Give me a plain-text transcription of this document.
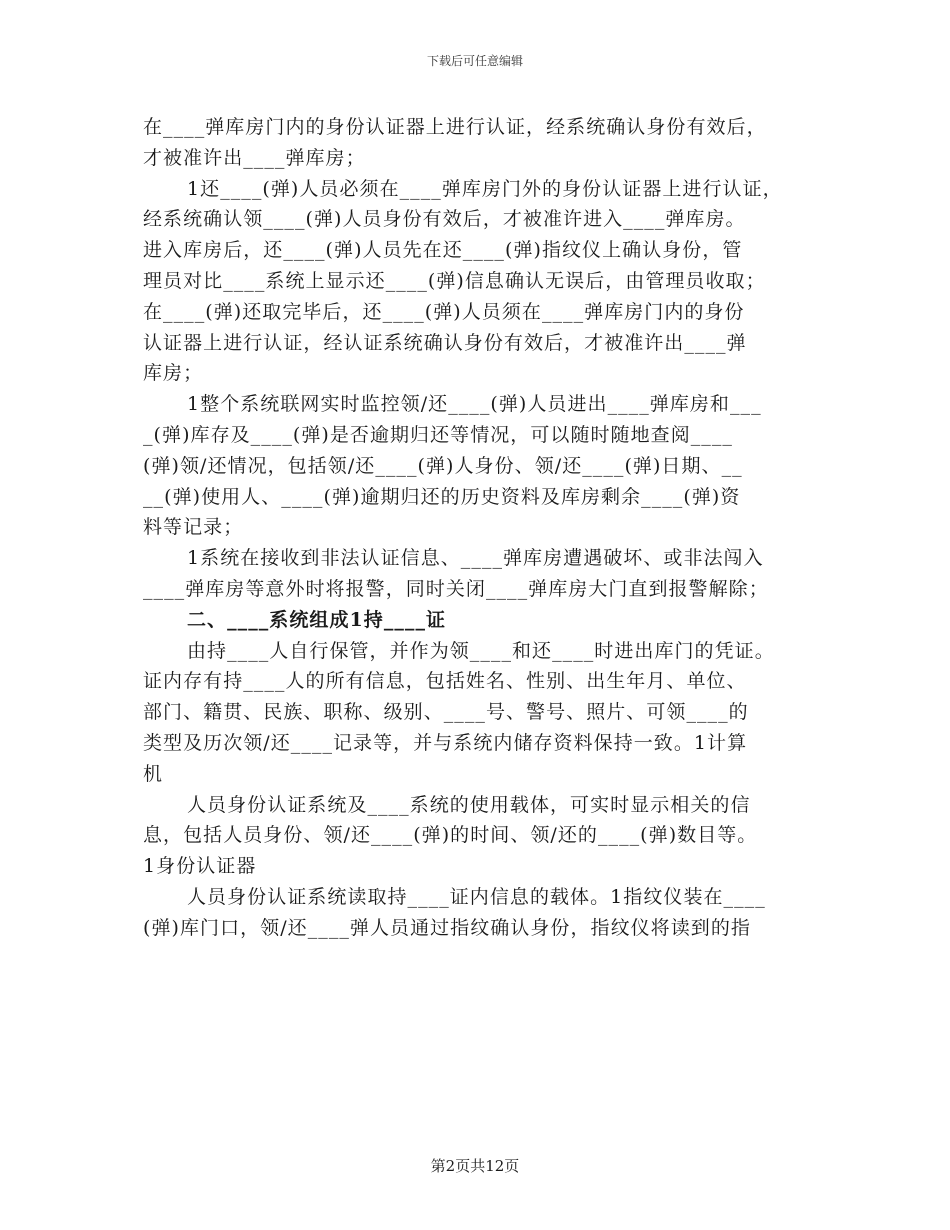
下载后可任意编辑
在____弹库房门内的身份认证器上进行认证，经系统确认身份有效后，
才被准许出____弹库房；
1还____(弹)人员必须在____弹库房门外的身份认证器上进行认证，
经系统确认领____(弹)人员身份有效后，才被准许进入____弹库房。
进入库房后，还____(弹)人员先在还____(弹)指纹仪上确认身份，管
理员对比____系统上显示还____(弹)信息确认无误后，由管理员收取；
在____(弹)还取完毕后，还____(弹)人员须在____弹库房门内的身份
认证器上进行认证，经认证系统确认身份有效后，才被准许出____弹
库房；
1整个系统联网实时监控领/还____(弹)人员进出____弹库房和___
_(弹)库存及____(弹)是否逾期归还等情况，可以随时随地查阅____
(弹)领/还情况，包括领/还____(弹)人身份、领/还____(弹)日期、__
__(弹)使用人、____(弹)逾期归还的历史资料及库房剩余____(弹)资
料等记录；
1系统在接收到非法认证信息、____弹库房遭遇破坏、或非法闯入
____弹库房等意外时将报警，同时关闭____弹库房大门直到报警解除；
二、____系统组成1持____证
由持____人自行保管，并作为领____和还____时进出库门的凭证。
证内存有持____人的所有信息，包括姓名、性别、出生年月、单位、
部门、籍贯、民族、职称、级别、____号、警号、照片、可领____的
类型及历次领/还____记录等，并与系统内储存资料保持一致。1计算
机
人员身份认证系统及____系统的使用载体，可实时显示相关的信
息，包括人员身份、领/还____(弹)的时间、领/还的____(弹)数目等。
1身份认证器
人员身份认证系统读取持____证内信息的载体。1指纹仪装在____
(弹)库门口，领/还____弹人员通过指纹确认身份，指纹仪将读到的指
第2页共12页
